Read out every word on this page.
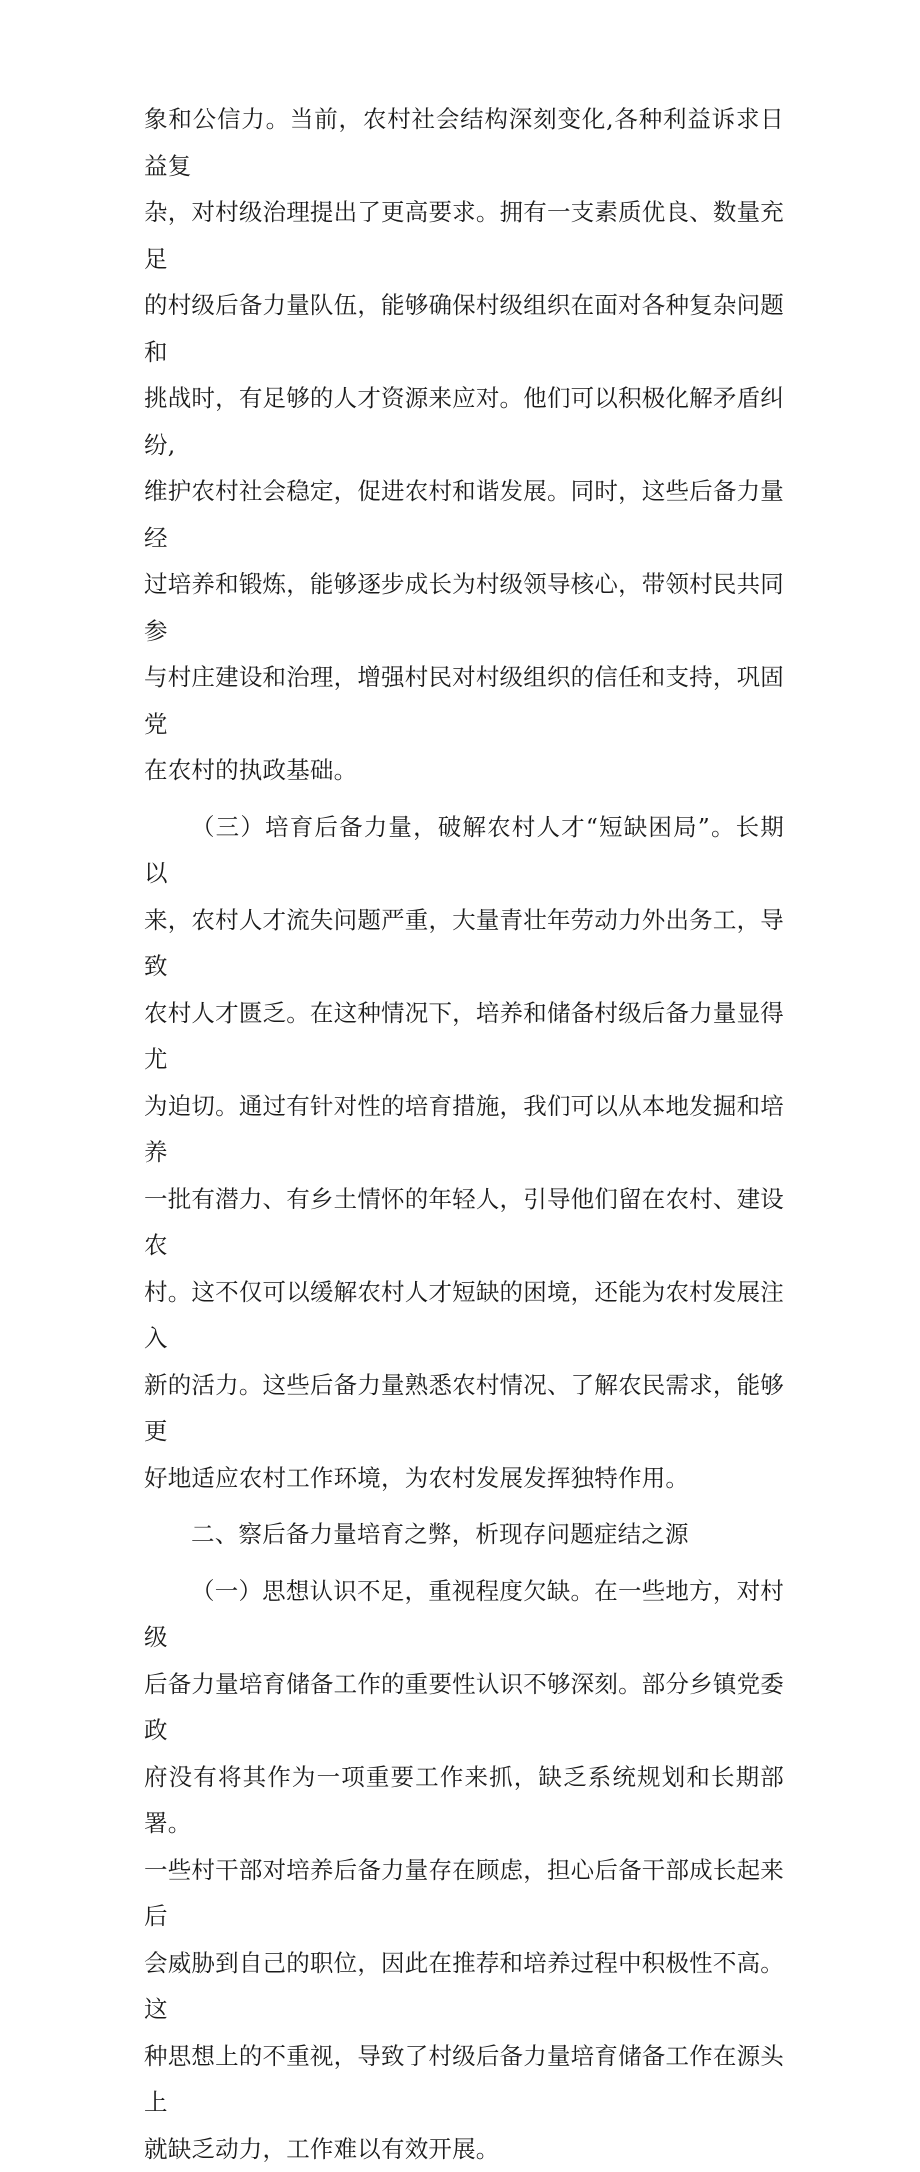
象和公信力。当前，农村社会结构深刻变化,各种利益诉求日益复
杂，对村级治理提出了更高要求。拥有一支素质优良、数量充足
的村级后备力量队伍，能够确保村级组织在面对各种复杂问题和
挑战时，有足够的人才资源来应对。他们可以积极化解矛盾纠纷,
维护农村社会稳定，促进农村和谐发展。同时，这些后备力量经
过培养和锻炼，能够逐步成长为村级领导核心，带领村民共同参
与村庄建设和治理，增强村民对村级组织的信任和支持，巩固党
在农村的执政基础。
（三）培育后备力量，破解农村人才“短缺困局”。长期以
来，农村人才流失问题严重，大量青壮年劳动力外出务工，导致
农村人才匮乏。在这种情况下，培养和储备村级后备力量显得尤
为迫切。通过有针对性的培育措施，我们可以从本地发掘和培养
一批有潜力、有乡土情怀的年轻人，引导他们留在农村、建设农
村。这不仅可以缓解农村人才短缺的困境，还能为农村发展注入
新的活力。这些后备力量熟悉农村情况、了解农民需求，能够更
好地适应农村工作环境，为农村发展发挥独特作用。
二、察后备力量培育之弊，析现存问题症结之源
（一）思想认识不足，重视程度欠缺。在一些地方，对村级
后备力量培育储备工作的重要性认识不够深刻。部分乡镇党委政
府没有将其作为一项重要工作来抓，缺乏系统规划和长期部署。
一些村干部对培养后备力量存在顾虑，担心后备干部成长起来后
会威胁到自己的职位，因此在推荐和培养过程中积极性不高。这
种思想上的不重视，导致了村级后备力量培育储备工作在源头上
就缺乏动力，工作难以有效开展。
